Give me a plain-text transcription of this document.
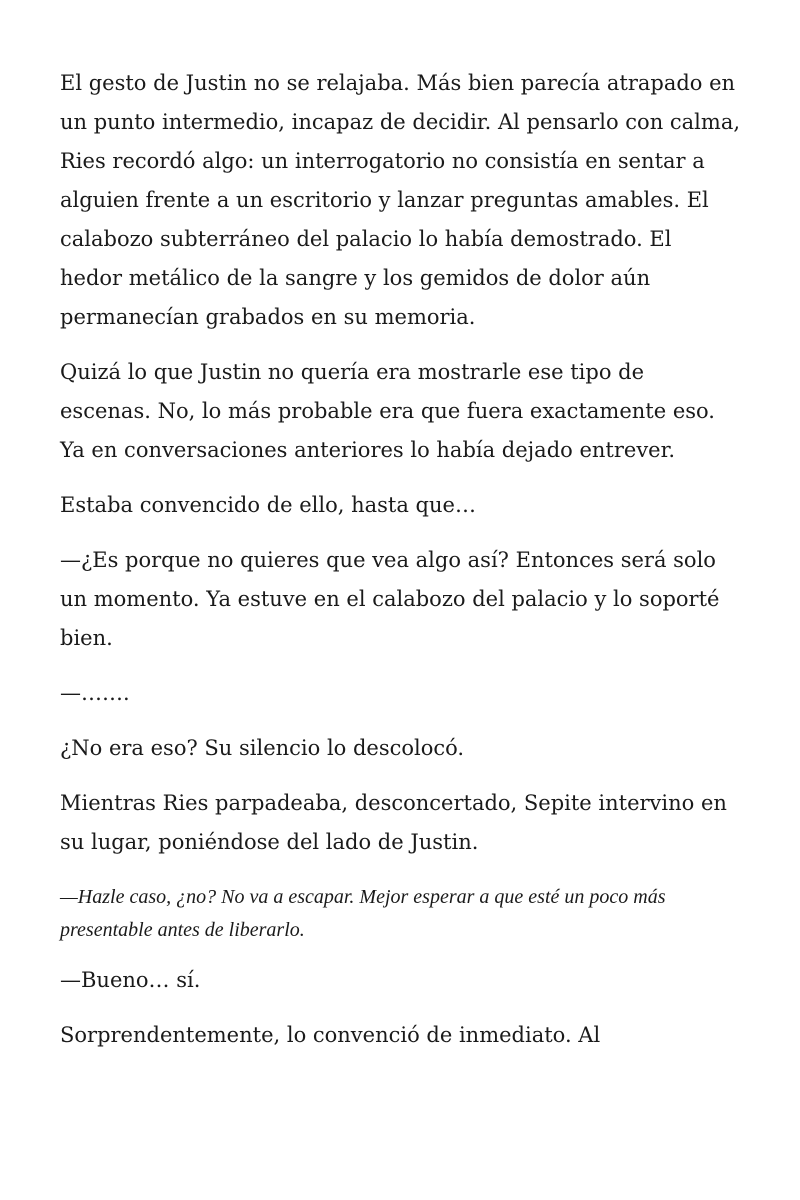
El gesto de Justin no se relajaba. Más bien parecía atrapado en un punto intermedio, incapaz de decidir. Al pensarlo con calma, Ries recordó algo: un interrogatorio no consistía en sentar a alguien frente a un escritorio y lanzar preguntas amables. El calabozo subterráneo del palacio lo había demostrado. El hedor metálico de la sangre y los gemidos de dolor aún permanecían grabados en su memoria.

Quizá lo que Justin no quería era mostrarle ese tipo de escenas. No, lo más probable era que fuera exactamente eso. Ya en conversaciones anteriores lo había dejado entrever.

Estaba convencido de ello, hasta que…

—¿Es porque no quieres que vea algo así? Entonces será solo un momento. Ya estuve en el calabozo del palacio y lo soporté bien.

—…….

¿No era eso? Su silencio lo descolocó.

Mientras Ries parpadeaba, desconcertado, Sepite intervino en su lugar, poniéndose del lado de Justin.

—Hazle caso, ¿no? No va a escapar. Mejor esperar a que esté un poco más presentable antes de liberarlo.

—Bueno… sí.

Sorprendentemente, lo convenció de inmediato. Al
